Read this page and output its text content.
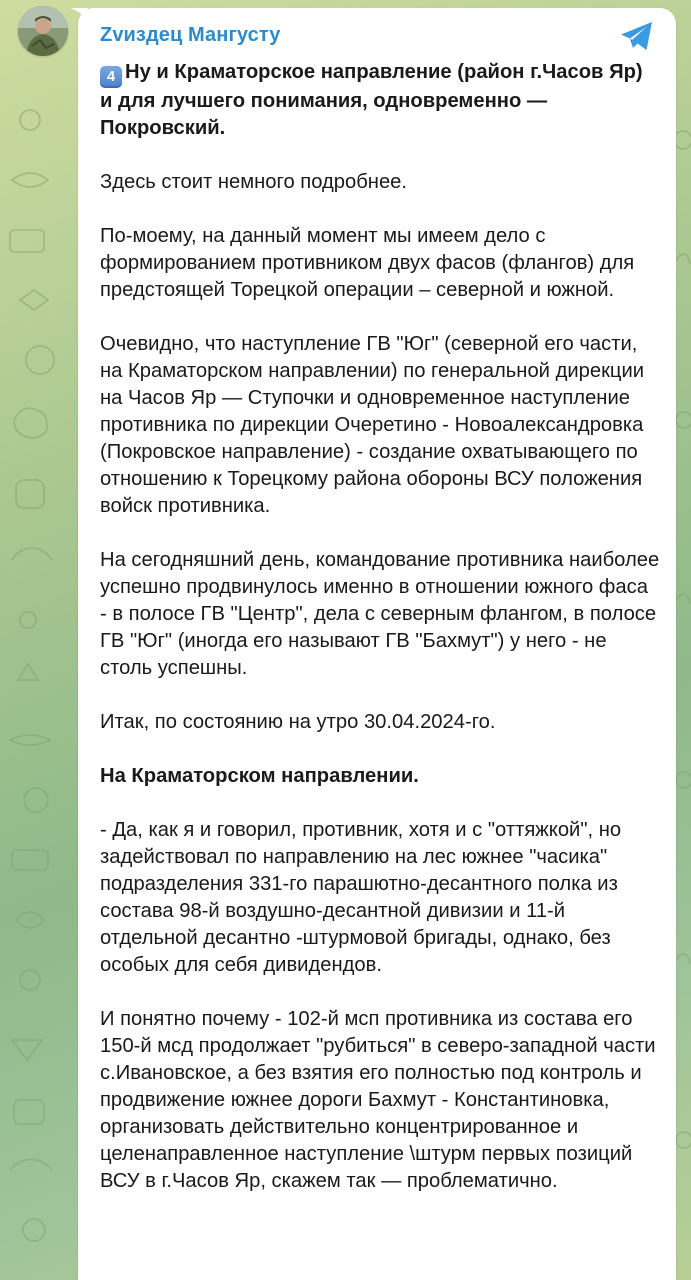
Zvиздец Мангусту

4 Ну и Краматорское направление (район г.Часов Яр) и для лучшего понимания, одновременно — Покровский.

Здесь стоит немного подробнее.

По-моему, на данный момент мы имеем дело с формированием противником двух фасов (флангов) для предстоящей Торецкой операции – северной и южной.

Очевидно, что наступление ГВ "Юг" (северной его части, на Краматорском направлении) по генеральной дирекции на Часов Яр — Ступочки и одновременное наступление противника по дирекции Очеретино - Новоалександровка (Покровское направление) - создание охватывающего по отношению к Торецкому района обороны ВСУ положения войск противника.

На сегодняшний день, командование противника наиболее успешно продвинулось именно в отношении южного фаса - в полосе ГВ "Центр", дела с северным флангом, в полосе ГВ "Юг" (иногда его называют ГВ "Бахмут") у него - не столь успешны.

Итак, по состоянию на утро 30.04.2024-го.

На Краматорском направлении.

- Да, как я и говорил, противник, хотя и с "оттяжкой", но задействовал по направлению на лес южнее "часика" подразделения 331-го парашютно-десантного полка из состава 98-й воздушно-десантной дивизии и 11-й отдельной десантно -штурмовой бригады, однако, без особых для себя дивидендов.

И понятно почему - 102-й мсп противника из состава его 150-й мсд продолжает "рубиться" в северо-западной части с.Ивановское, а без взятия его полностью под контроль и продвижение южнее дороги Бахмут - Константиновка, организовать действительно концентрированное и целенаправленное наступление \штурм первых позиций ВСУ в г.Часов Яр, скажем так — проблематично.
